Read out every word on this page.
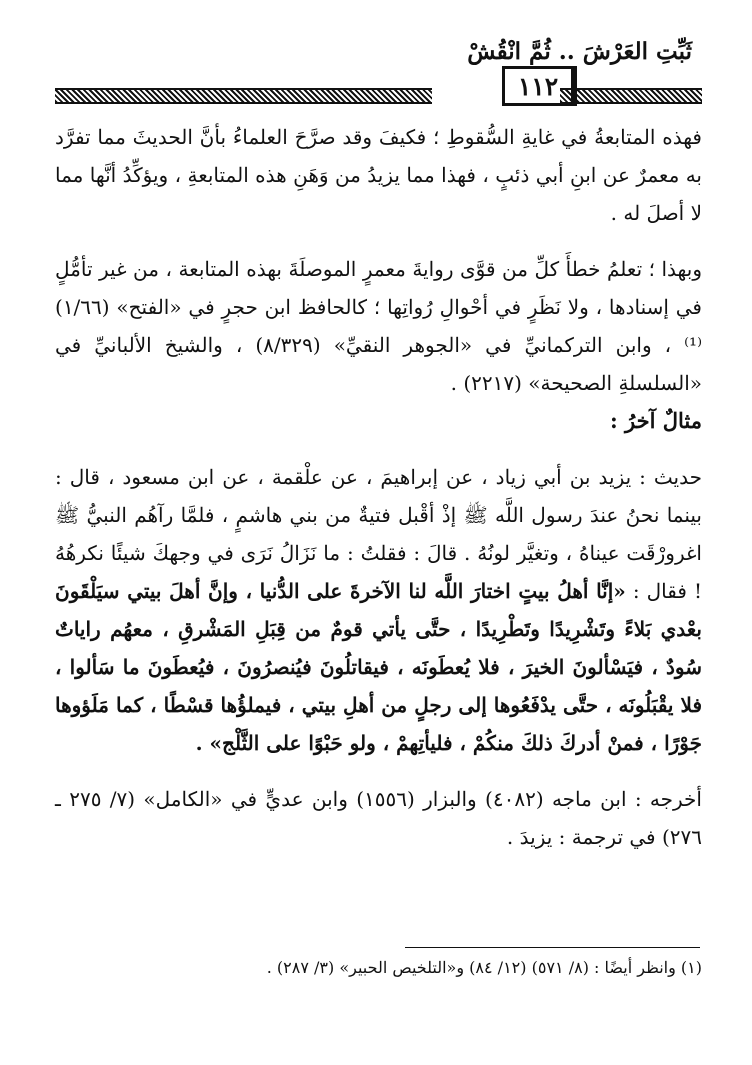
ثَبِّتِ العَرْشَ .. ثُمَّ انْقُشْ
١١٢

فهذه المتابعةُ في غايةِ السُّقوطِ ؛ فكيفَ وقد صرَّحَ العلماءُ بأنَّ الحديثَ مما تفرَّد به معمرٌ عن ابنِ أبي ذئبٍ ، فهذا مما يزيدُ من وَهَنِ هذه المتابعةِ ، ويؤكِّدُ أنَّها مما لا أصلَ له .

وبهذا ؛ تعلمُ خطأَ كلِّ من قوَّى روايةَ معمرٍ الموصلَةَ بهذه المتابعة ، من غير تأمُّلٍ في إسنادها ، ولا نَظَرٍ في أحْوالِ رُواتِها ؛ كالحافظ ابن حجرٍ في «الفتح» (١/٦٦) ⁽¹⁾ ، وابن التركمانيِّ في «الجوهر النقيِّ» (٨/٣٢٩) ، والشيخ الألبانيِّ في «السلسلةِ الصحيحة» (٢٢١٧) .

مثالٌ آخرُ :

حديث : يزيد بن أبي زياد ، عن إبراهيمَ ، عن علْقمة ، عن ابن مسعود ، قال : بينما نحنُ عندَ رسول اللَّه ﷺ إذْ أقْبل فتيةٌ من بني هاشمٍ ، فلمَّا رآهُم النبيُّ ﷺ اغرورْقَت عيناهُ ، وتغيَّر لونُهُ . قالَ : فقلتُ : ما نَزَالُ نَرَى في وجهكَ شيئًا نكرهُهُ ! فقال : «إنَّا أهلُ بيتٍ اختارَ اللَّه لنا الآخرةَ على الدُّنيا ، وإنَّ أهلَ بيتي سيَلْقَونَ بعْدي بَلاءً وتَشْرِيدًا وتَطْرِيدًا ، حتَّى يأتي قومٌ من قِبَلِ المَشْرقِ ، معهُم راياتٌ سُودٌ ، فيَسْألونَ الخيرَ ، فلا يُعطَونَه ، فيقاتلُونَ فيُنصرُونَ ، فيُعطَونَ ما سَألوا ، فلا يقْبَلُونَه ، حتَّى يدْفَعُوها إلى رجلٍ من أهلِ بيتي ، فيملؤُها قسْطًا ، كما مَلَؤوها جَوْرًا ، فمنْ أدركَ ذلكَ منكُمْ ، فليأتِهمْ ، ولو حَبْوًا على الثَّلْج» .

أخرجه : ابن ماجه (٤٠٨٢) والبزار (١٥٥٦) وابن عديٍّ في «الكامل» (٧/ ٢٧٥ ـ ٢٧٦) في ترجمة : يزيدَ .

(١) وانظر أيضًا : (٨/ ٥٧١) (١٢/ ٨٤) و«التلخيص الحبير» (٣/ ٢٨٧) .
